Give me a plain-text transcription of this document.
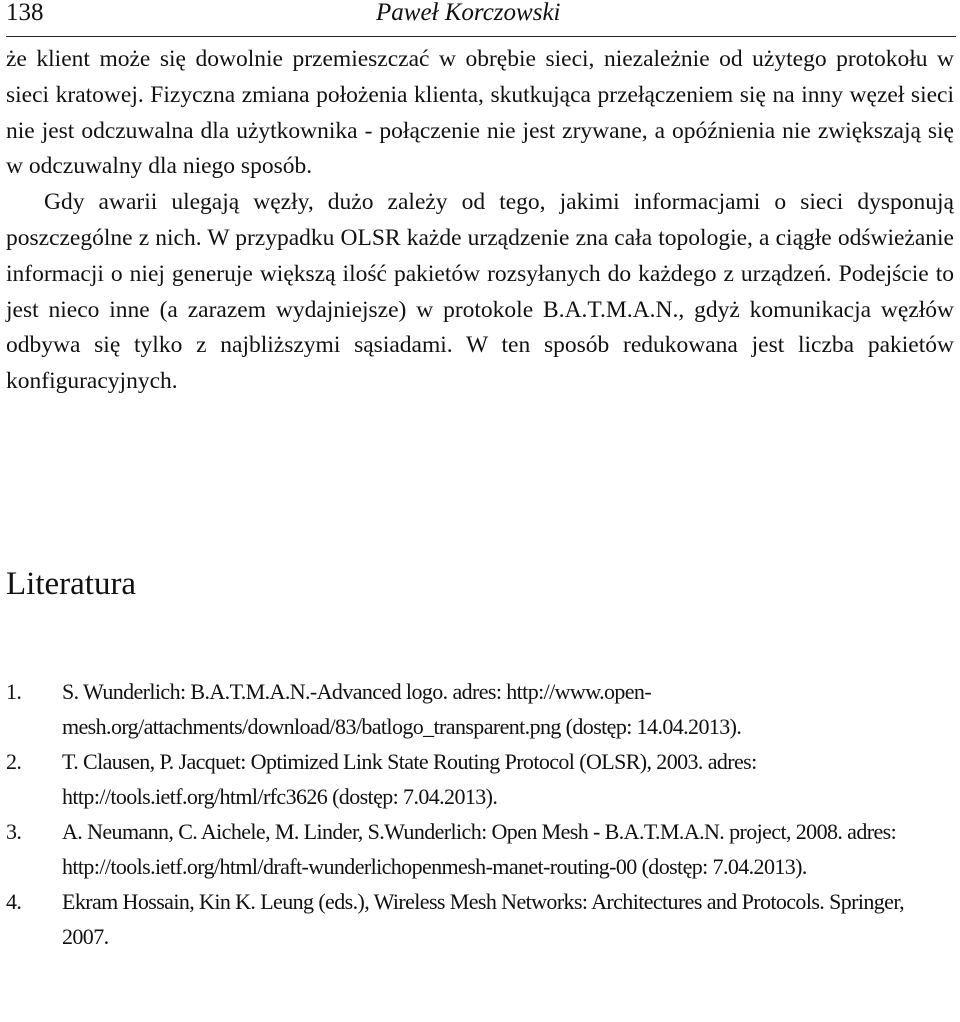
138	Paweł Korczowski

że klient może się dowolnie przemieszczać w obrębie sieci, niezależnie od użytego protokołu w sieci kratowej. Fizyczna zmiana położenia klienta, skutkująca przełączeniem się na inny węzeł sieci nie jest odczuwalna dla użytkownika - połączenie nie jest zrywane, a opóźnienia nie zwiększają się w odczuwalny dla niego sposób.

Gdy awarii ulegają węzły, dużo zależy od tego, jakimi informacjami o sieci dysponują poszczególne z nich. W przypadku OLSR każde urządzenie zna cała topologie, a ciągłe odświeżanie informacji o niej generuje większą ilość pakietów rozsyłanych do każdego z urządzeń. Podejście to jest nieco inne (a zarazem wydajniejsze) w protokole B.A.T.M.A.N., gdyż komunikacja węzłów odbywa się tylko z najbliższymi sąsiadami. W ten sposób redukowana jest liczba pakietów konfiguracyjnych.

Literatura
1. S. Wunderlich: B.A.T.M.A.N.-Advanced logo. adres: http://www.open-mesh.org/attachments/download/83/batlogo_transparent.png (dostęp: 14.04.2013).
2. T. Clausen, P. Jacquet: Optimized Link State Routing Protocol (OLSR), 2003. adres: http://tools.ietf.org/html/rfc3626 (dostęp: 7.04.2013).
3. A. Neumann, C. Aichele, M. Linder, S.Wunderlich: Open Mesh - B.A.T.M.A.N. project, 2008. adres: http://tools.ietf.org/html/draft-wunderlichopenmesh-manet-routing-00 (dostęp: 7.04.2013).
4. Ekram Hossain, Kin K. Leung (eds.), Wireless Mesh Networks: Architectures and Protocols. Springer, 2007.
